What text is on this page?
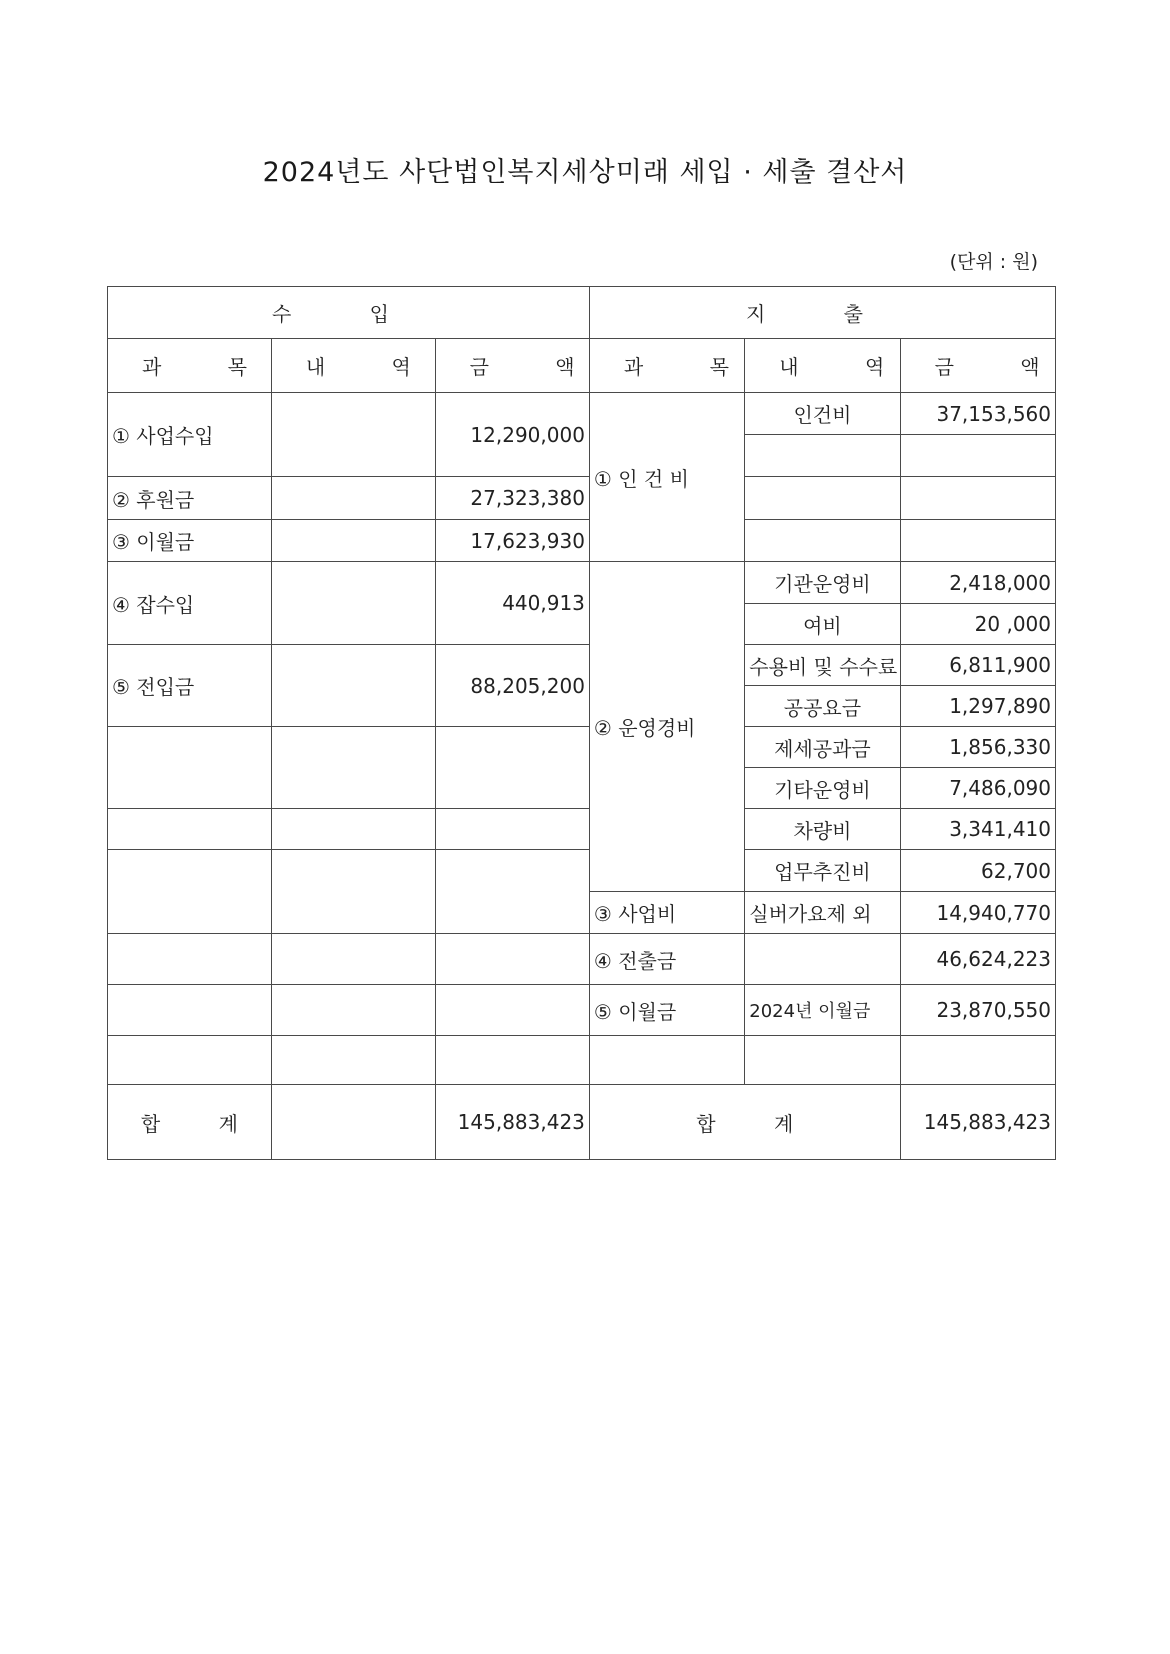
2024년도 사단법인복지세상미래 세입 · 세출 결산서
(단위 : 원)
수 입			지 출		
과 목	내 역	금 액	과 목	내 역	금 액
① 사업수입		12,290,000	① 인 건 비	인건비	37,153,560

② 후원금		27,323,380			
③ 이월금		17,623,930			
④ 잡수입		440,913	② 운영경비	기관운영비	2,418,000
				여비	20 ,000
⑤ 전입금		88,205,200		수용비 및 수수료	6,811,900
				공공요금	1,297,890
				제세공과금	1,856,330
				기타운영비	7,486,090
				차량비	3,341,410
				업무추진비	62,700
			③ 사업비	실버가요제 외	14,940,770
			④ 전출금		46,624,223
			⑤ 이월금	2024년 이월금	23,870,550

합 계		145,883,423	합 계		145,883,423
